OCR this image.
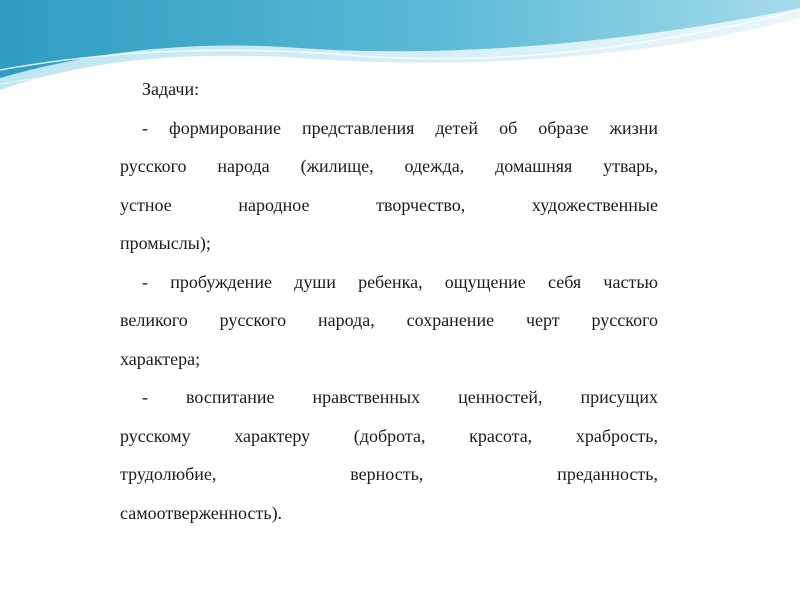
Задачи:
- формирование представления детей об образе жизни
русского народа (жилище, одежда, домашняя утварь,
устное народное творчество, художественные
промыслы);
- пробуждение души ребенка, ощущение себя частью
великого русского народа, сохранение черт русского
характера;
- воспитание нравственных ценностей, присущих
русскому характеру (доброта, красота, храбрость,
трудолюбие, верность, преданность,
самоотверженность).
